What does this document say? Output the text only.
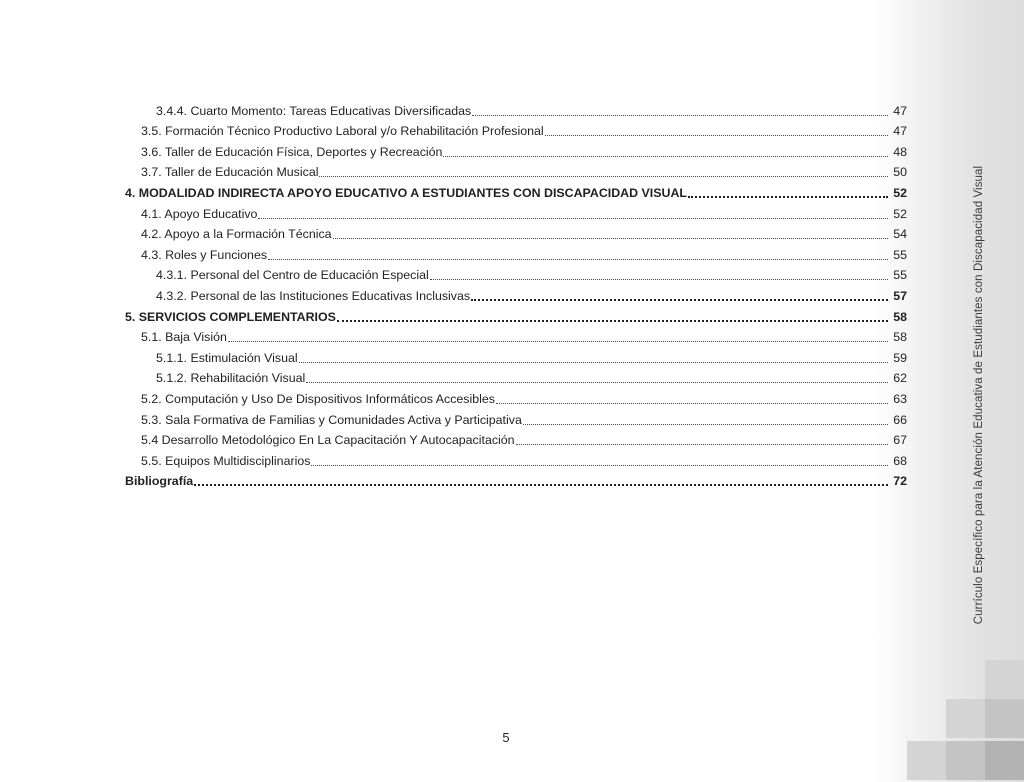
Currículo Específico para la Atención Educativa de Estudiantes con Discapacidad Visual
3.4.4. Cuarto Momento: Tareas Educativas Diversificadas	47
3.5. Formación Técnico Productivo Laboral y/o Rehabilitación Profesional	47
3.6. Taller de Educación Física, Deportes y Recreación	48
3.7. Taller de Educación Musical	50
4. MODALIDAD INDIRECTA APOYO EDUCATIVO A ESTUDIANTES CON DISCAPACIDAD VISUAL	52
4.1. Apoyo Educativo	52
4.2. Apoyo a la Formación Técnica	54
4.3. Roles y Funciones	55
4.3.1. Personal del Centro de Educación Especial	55
4.3.2. Personal de las Instituciones Educativas Inclusivas	57
5. SERVICIOS COMPLEMENTARIOS	58
5.1. Baja Visión	58
5.1.1. Estimulación Visual	59
5.1.2. Rehabilitación Visual	62
5.2. Computación y Uso De Dispositivos Informáticos Accesibles	63
5.3. Sala Formativa de Familias y Comunidades Activa y Participativa	66
5.4 Desarrollo Metodológico En La Capacitación Y Autocapacitación	67
5.5. Equipos Multidisciplinarios	68
Bibliografía	72
5
